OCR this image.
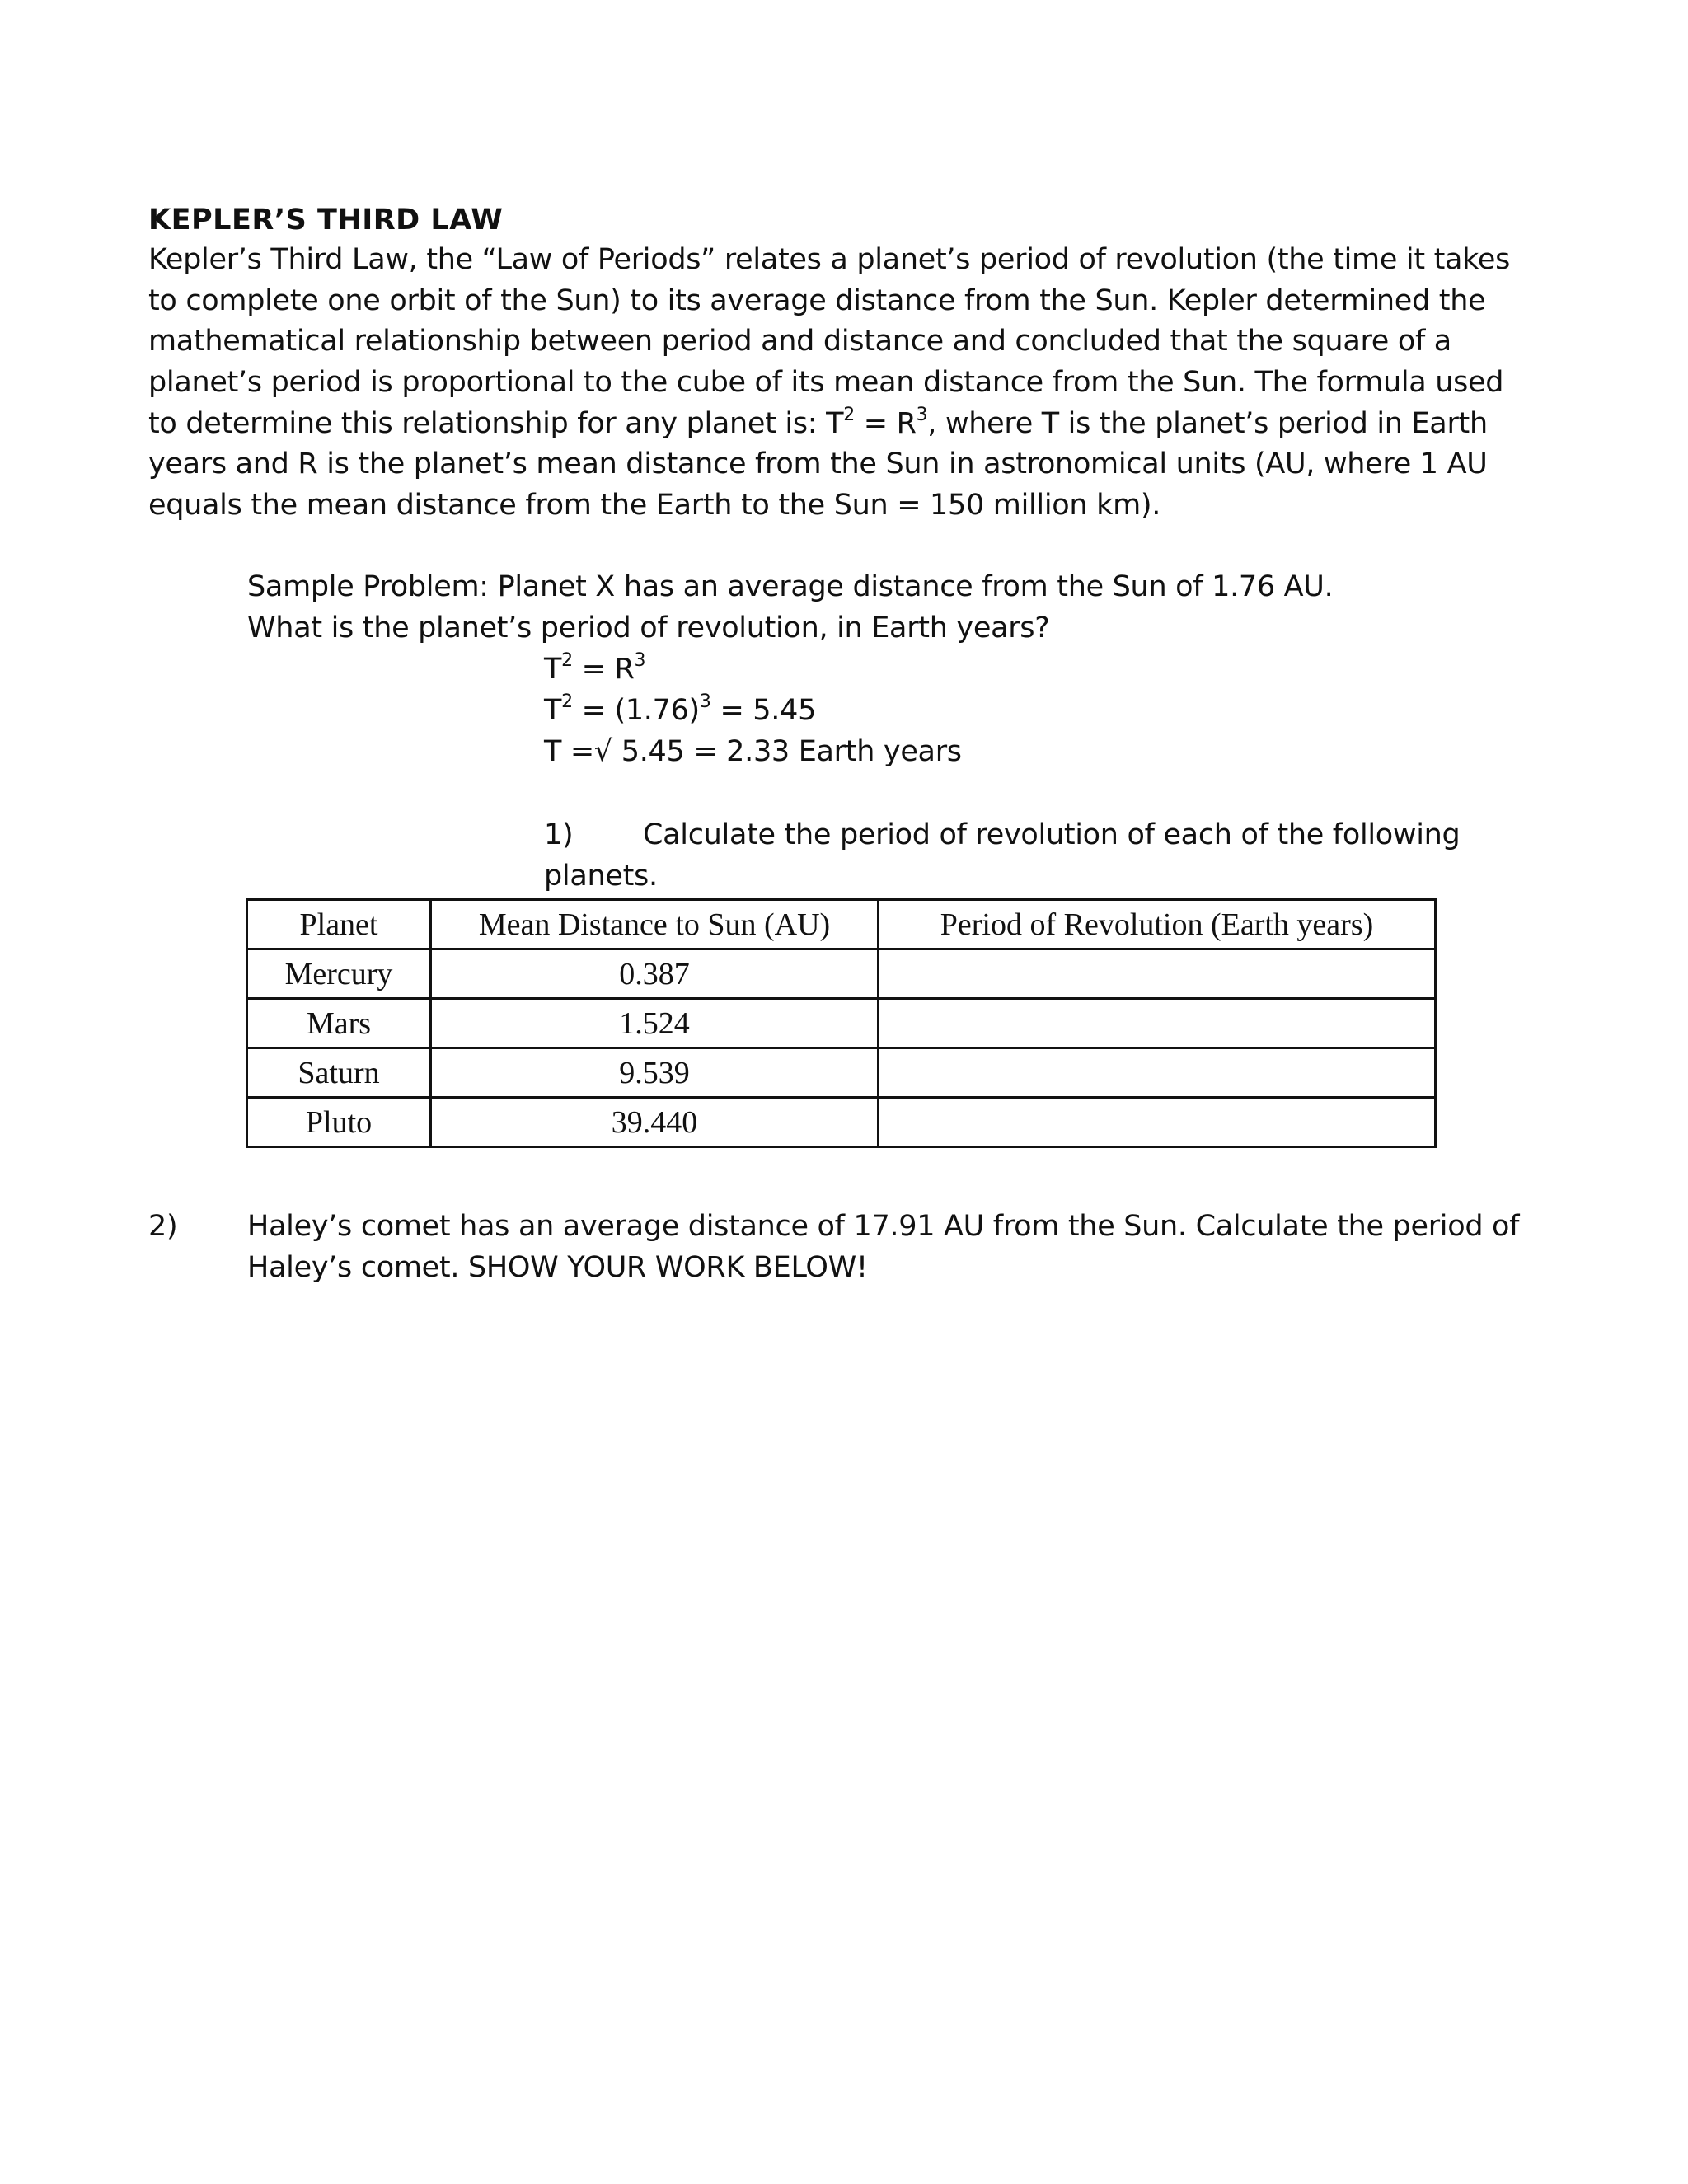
KEPLER’S THIRD LAW
Kepler’s Third Law, the “Law of Periods” relates a planet’s period of revolution (the time it takes
to complete one orbit of the Sun) to its average distance from the Sun. Kepler determined the
mathematical relationship between period and distance and concluded that the square of a
planet’s period is proportional to the cube of its mean distance from the Sun. The formula used
to determine this relationship for any planet is: $T^2 = R^3$, where T is the planet’s period in Earth
years and R is the planet’s mean distance from the Sun in astronomical units (AU, where 1 AU
equals the mean distance from the Earth to the Sun = 150 million km).
Sample Problem: Planet X has an average distance from the Sun of 1.76 AU.
What is the planet’s period of revolution, in Earth years?
$T^2 = R^3$
$T^2 = (1.76)^3 = 5.45$
T =√ 5.45 = 2.33 Earth years
1) Calculate the period of revolution of each of the following
planets.
Planet	Mean Distance to Sun (AU)	Period of Revolution (Earth years)
Mercury	0.387	
Mars	1.524	
Saturn	9.539	
Pluto	39.440	
2) Haley’s comet has an average distance of 17.91 AU from the Sun. Calculate the period of
Haley’s comet. SHOW YOUR WORK BELOW!
